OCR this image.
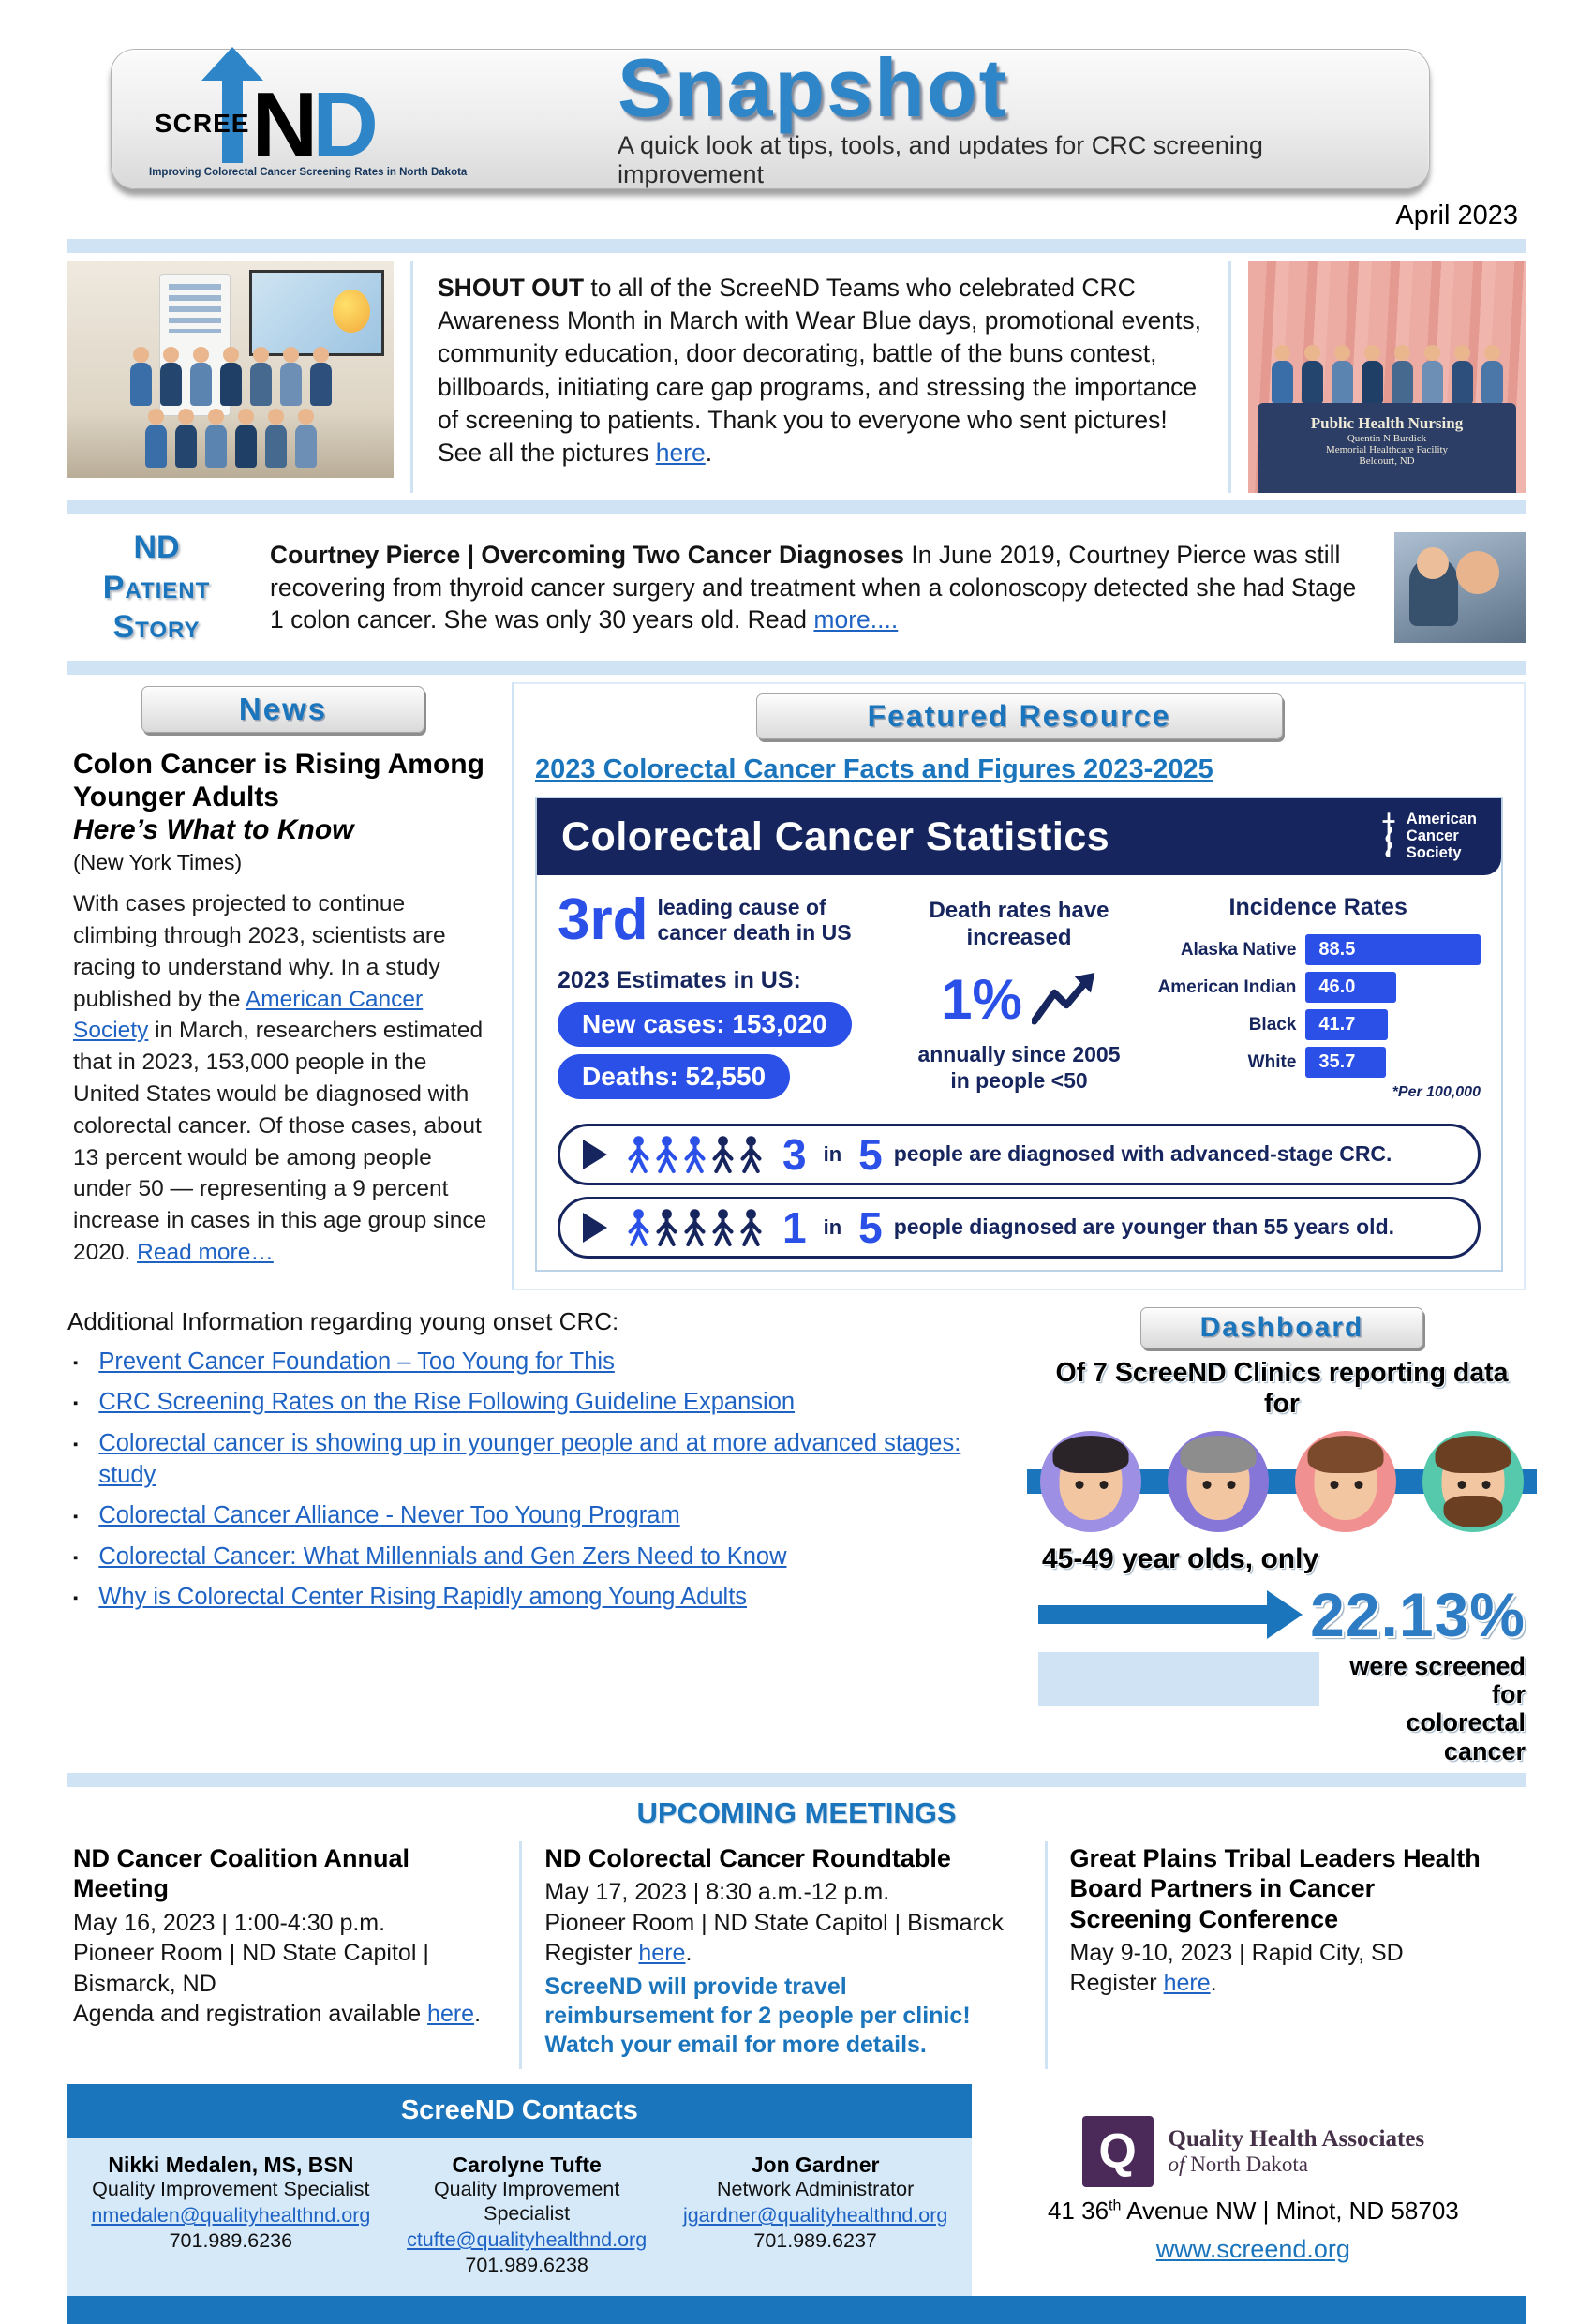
SCREE N
D
Improving Colorectal Cancer Screening Rates in North Dakota
Snapshot
A quick look at tips, tools, and updates for CRC screening improvement
April 2023
SHOUT OUT to all of the ScreeND Teams who celebrated CRC Awareness Month in March with Wear Blue days, promotional events, community education, door decorating, battle of the buns contest, billboards, initiating care gap programs, and stressing the importance of screening to patients. Thank you to everyone who sent pictures! See all the pictures here.
Public Health Nursing
Quentin N Burdick
Memorial Healthcare Facility
Belcourt, ND
ND
Patient
Story
Courtney Pierce | Overcoming Two Cancer Diagnoses In June 2019, Courtney Pierce was still recovering from thyroid cancer surgery and treatment when a colonoscopy detected she had Stage 1 colon cancer. She was only 30 years old. Read more....
News
Colon Cancer is Rising Among Younger Adults
Here’s What to Know
(New York Times)
With cases projected to continue climbing through 2023, scientists are racing to understand why. In a study published by the American Cancer Society in March, researchers estimated that in 2023, 153,000 people in the United States would be diagnosed with colorectal cancer. Of those cases, about 13 percent would be among people under 50 — representing a 9 percent increase in cases in this age group since 2020. Read more…
Featured Resource
2023 Colorectal Cancer Facts and Figures 2023-2025
Colorectal Cancer Statistics	American
Cancer
Society
3rd leading cause of cancer death in US
2023 Estimates in US:
New cases: 153,020
Deaths: 52,550
Death rates have increased
1%
annually since 2005
in people <50
Incidence Rates
Alaska Native	88.5
American Indian	46.0
Black	41.7
White	35.7
*Per 100,000
3 in 5 people are diagnosed with advanced-stage CRC.
1 in 5 people diagnosed are younger than 55 years old.
Additional Information regarding young onset CRC:
▪ Prevent Cancer Foundation – Too Young for This
▪ CRC Screening Rates on the Rise Following Guideline Expansion
▪ Colorectal cancer is showing up in younger people and at more advanced stages: study
▪ Colorectal Cancer Alliance - Never Too Young Program
▪ Colorectal Cancer: What Millennials and Gen Zers Need to Know
▪ Why is Colorectal Center Rising Rapidly among Young Adults
Dashboard
Of 7 ScreeND Clinics reporting data for
45-49 year olds, only
22.13%
were screened for
colorectal cancer
UPCOMING MEETINGS
ND Cancer Coalition Annual Meeting
May 16, 2023 | 1:00-4:30 p.m.
Pioneer Room | ND State Capitol | Bismarck, ND
Agenda and registration available here.
ND Colorectal Cancer Roundtable
May 17, 2023 | 8:30 a.m.-12 p.m.
Pioneer Room | ND State Capitol | Bismarck
Register here.
ScreeND will provide travel reimbursement for 2 people per clinic! Watch your email for more details.
Great Plains Tribal Leaders Health Board Partners in Cancer Screening Conference
May 9-10, 2023 | Rapid City, SD
Register here.
ScreeND Contacts
Nikki Medalen, MS, BSN
Quality Improvement Specialist
nmedalen@qualityhealthnd.org
701.989.6236
Carolyne Tufte
Quality Improvement Specialist
ctufte@qualityhealthnd.org
701.989.6238
Jon Gardner
Network Administrator
jgardner@qualityhealthnd.org
701.989.6237
Q	Quality Health Associates
of North Dakota
41 36th Avenue NW | Minot, ND 58703
www.screend.org
